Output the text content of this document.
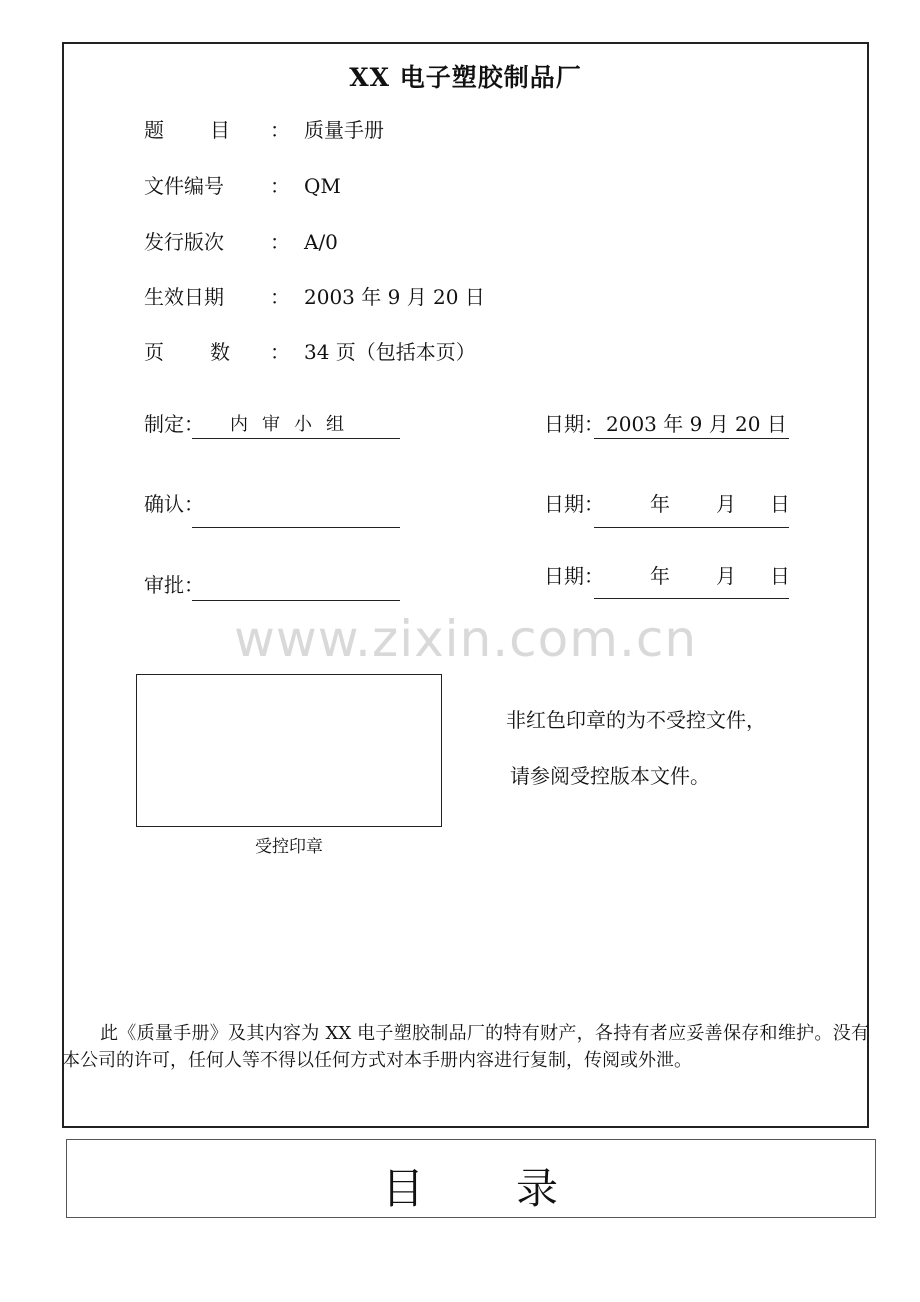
XX 电子塑胶制品厂
题 目 ： 质量手册
文件编号	： QM
发行版次	： A/0
生效日期	： 2003 年 9 月 20 日
页 数 ： 34 页（包括本页）
制定： 内审小组	日期： 2003 年 9 月 20 日
确认：	日期： 年 月 日
审批：	日期： 年 月 日
www.zixin.com.cn
受控印章
非红色印章的为不受控文件，
请参阅受控版本文件。
此《质量手册》及其内容为 XX 电子塑胶制品厂的特有财产，各持有者应妥善保存和维护。没有本公司的许可，任何人等不得以任何方式对本手册内容进行复制，传阅或外泄。
目 录
